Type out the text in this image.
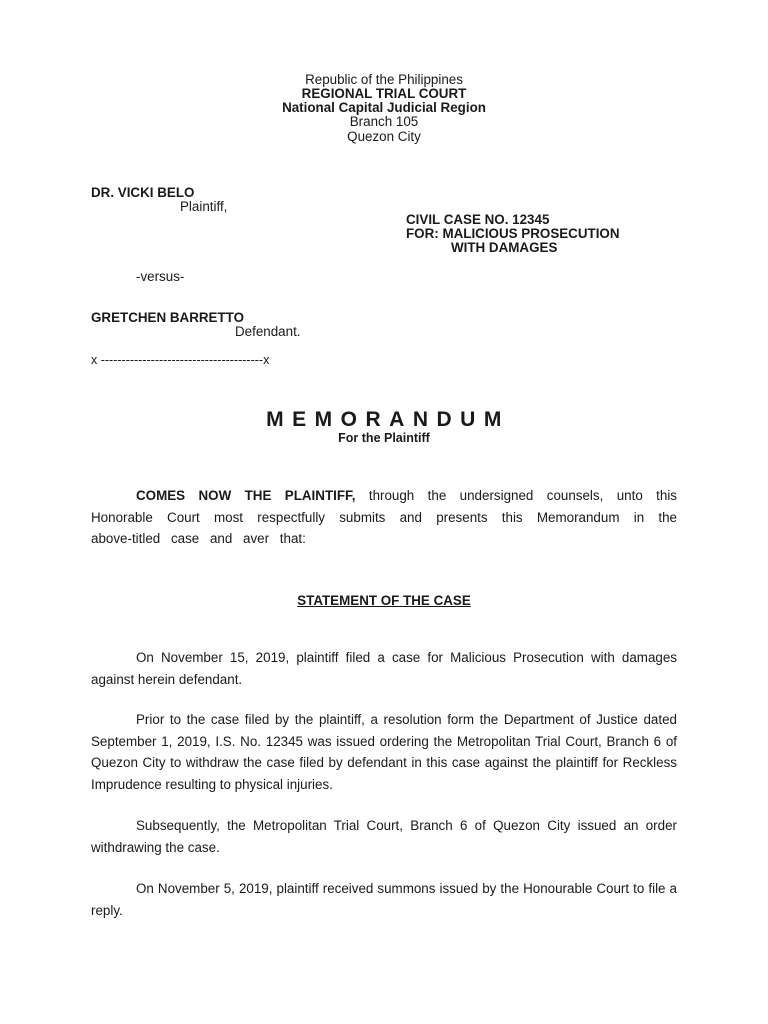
Republic of the Philippines
REGIONAL TRIAL COURT
National Capital Judicial Region
Branch 105
Quezon City
DR. VICKI BELO
Plaintiff,
CIVIL CASE NO. 12345
FOR: MALICIOUS PROSECUTION
WITH DAMAGES
-versus-
GRETCHEN BARRETTO
Defendant.
x ---------------------------------------x
MEMORANDUM
For the Plaintiff
COMES NOW THE PLAINTIFF, through the undersigned counsels, unto this Honorable Court most respectfully submits and presents this Memorandum in the above-titled case and aver that:
STATEMENT OF THE CASE
On November 15, 2019, plaintiff filed a case for Malicious Prosecution with damages against herein defendant.
Prior to the case filed by the plaintiff, a resolution form the Department of Justice dated September 1, 2019, I.S. No. 12345 was issued ordering the Metropolitan Trial Court, Branch 6 of Quezon City to withdraw the case filed by defendant in this case against the plaintiff for Reckless Imprudence resulting to physical injuries.
Subsequently, the Metropolitan Trial Court, Branch 6 of Quezon City issued an order withdrawing the case.
On November 5, 2019, plaintiff received summons issued by the Honourable Court to file a reply.
